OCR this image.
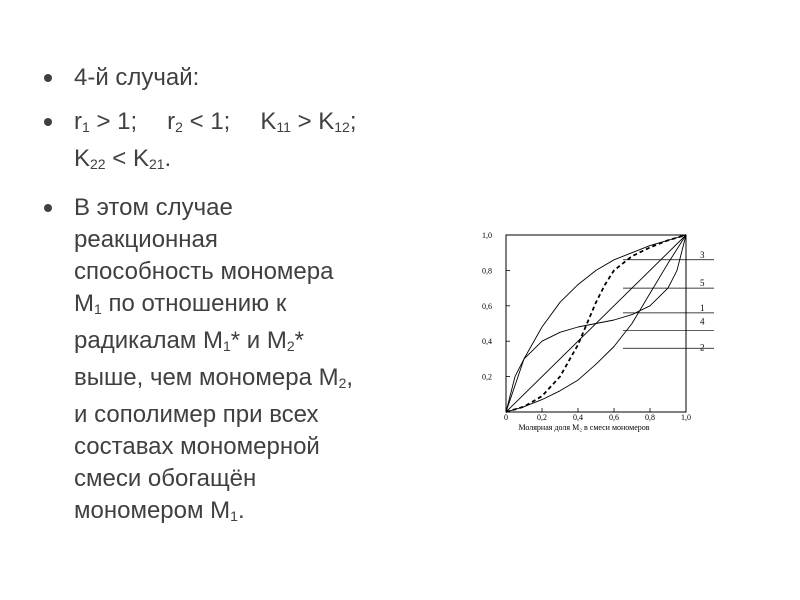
4-й случай:
$r_1 > 1$; $r_2 < 1$; $K_{11} > K_{12}$;
$K_{22} < K_{21}$.
В этом случае
реакционная
способность мономера
$М_1$ по отношению к
радикалам $М_1*$ и $М_2*$
выше, чем мономера $М_2$,
и сополимер при всех
составах мономерной
смеси обогащён
мономером $М_1$.
0,2
0,4
0,6
0,8
1,0
0	0,2	0,4	0,6	0,8	1,0
Молярная доля М₂ в смеси мономеров
1
2
3
4
5
